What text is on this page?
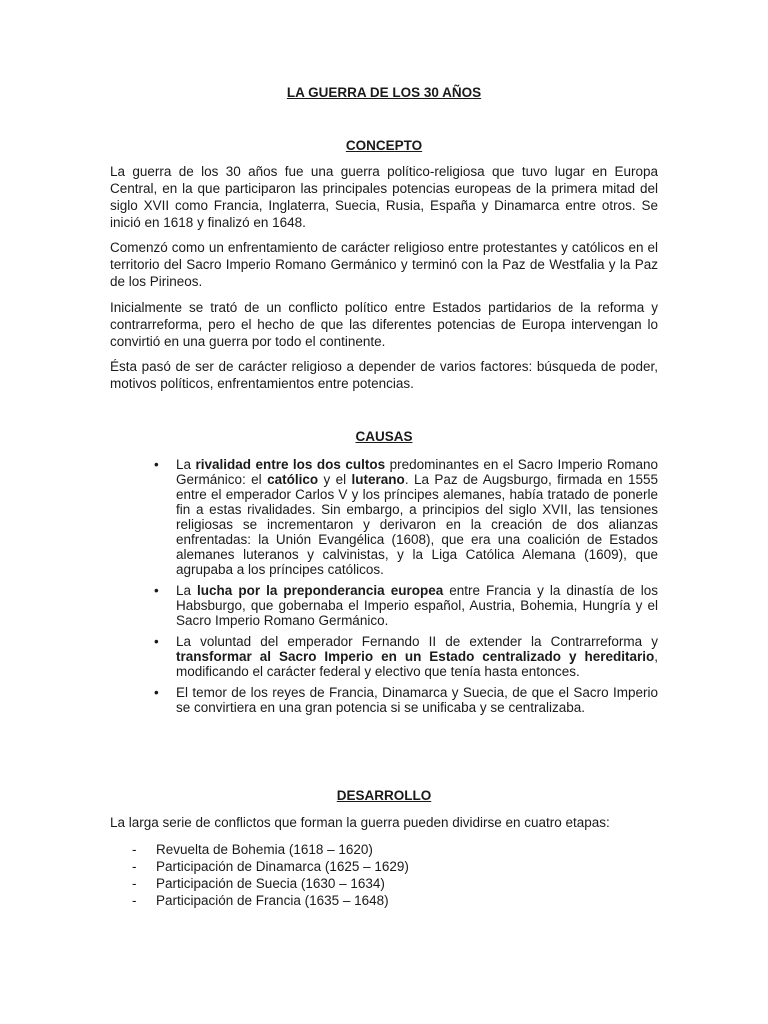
LA GUERRA DE LOS 30 AÑOS
CONCEPTO

La guerra de los 30 años fue una guerra político-religiosa que tuvo lugar en Europa Central, en la que participaron las principales potencias europeas de la primera mitad del siglo XVII como Francia, Inglaterra, Suecia, Rusia, España y Dinamarca entre otros. Se inició en 1618 y finalizó en 1648.

Comenzó como un enfrentamiento de carácter religioso entre protestantes y católicos en el territorio del Sacro Imperio Romano Germánico y terminó con la Paz de Westfalia y la Paz de los Pirineos.

Inicialmente se trató de un conflicto político entre Estados partidarios de la reforma y contrarreforma, pero el hecho de que las diferentes potencias de Europa intervengan lo convirtió en una guerra por todo el continente.

Ésta pasó de ser de carácter religioso a depender de varios factores: búsqueda de poder, motivos políticos, enfrentamientos entre potencias.

CAUSAS
• La rivalidad entre los dos cultos predominantes en el Sacro Imperio Romano Germánico: el católico y el luterano. La Paz de Augsburgo, firmada en 1555 entre el emperador Carlos V y los príncipes alemanes, había tratado de ponerle fin a estas rivalidades. Sin embargo, a principios del siglo XVII, las tensiones religiosas se incrementaron y derivaron en la creación de dos alianzas enfrentadas: la Unión Evangélica (1608), que era una coalición de Estados alemanes luteranos y calvinistas, y la Liga Católica Alemana (1609), que agrupaba a los príncipes católicos.
• La lucha por la preponderancia europea entre Francia y la dinastía de los Habsburgo, que gobernaba el Imperio español, Austria, Bohemia, Hungría y el Sacro Imperio Romano Germánico.
• La voluntad del emperador Fernando II de extender la Contrarreforma y transformar al Sacro Imperio en un Estado centralizado y hereditario, modificando el carácter federal y electivo que tenía hasta entonces.
• El temor de los reyes de Francia, Dinamarca y Suecia, de que el Sacro Imperio se convirtiera en una gran potencia si se unificaba y se centralizaba.
DESARROLLO

La larga serie de conflictos que forman la guerra pueden dividirse en cuatro etapas:

- Revuelta de Bohemia (1618 – 1620)
- Participación de Dinamarca (1625 – 1629)
- Participación de Suecia (1630 – 1634)
- Participación de Francia (1635 – 1648)
